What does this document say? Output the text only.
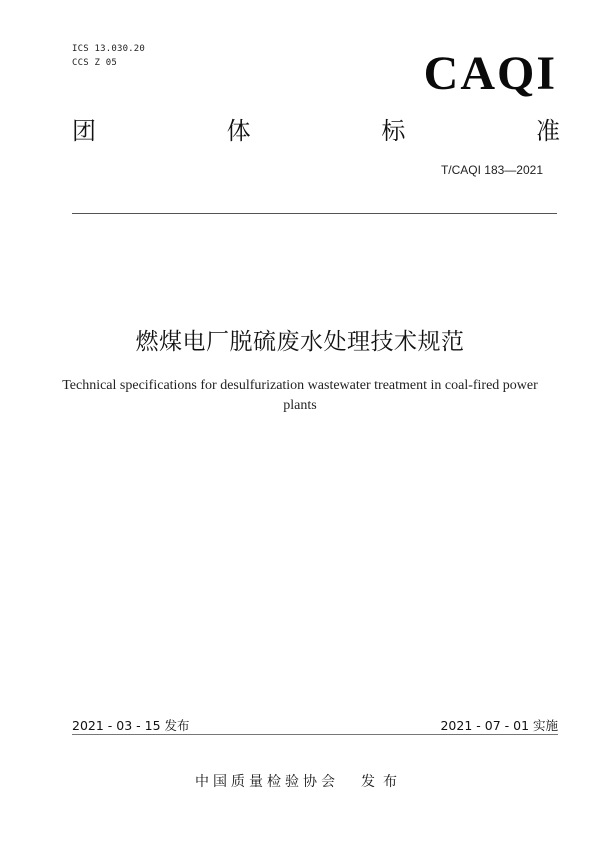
ICS 13.030.20
CCS Z 05	CAQI
团	体	标	准
T/CAQI 183—2021
燃煤电厂脱硫废水处理技术规范
Technical specifications for desulfurization wastewater treatment in coal-fired power
plants
2021 - 03 - 15 发布	2021 - 07 - 01 实施
中国质量检验协会 发布
